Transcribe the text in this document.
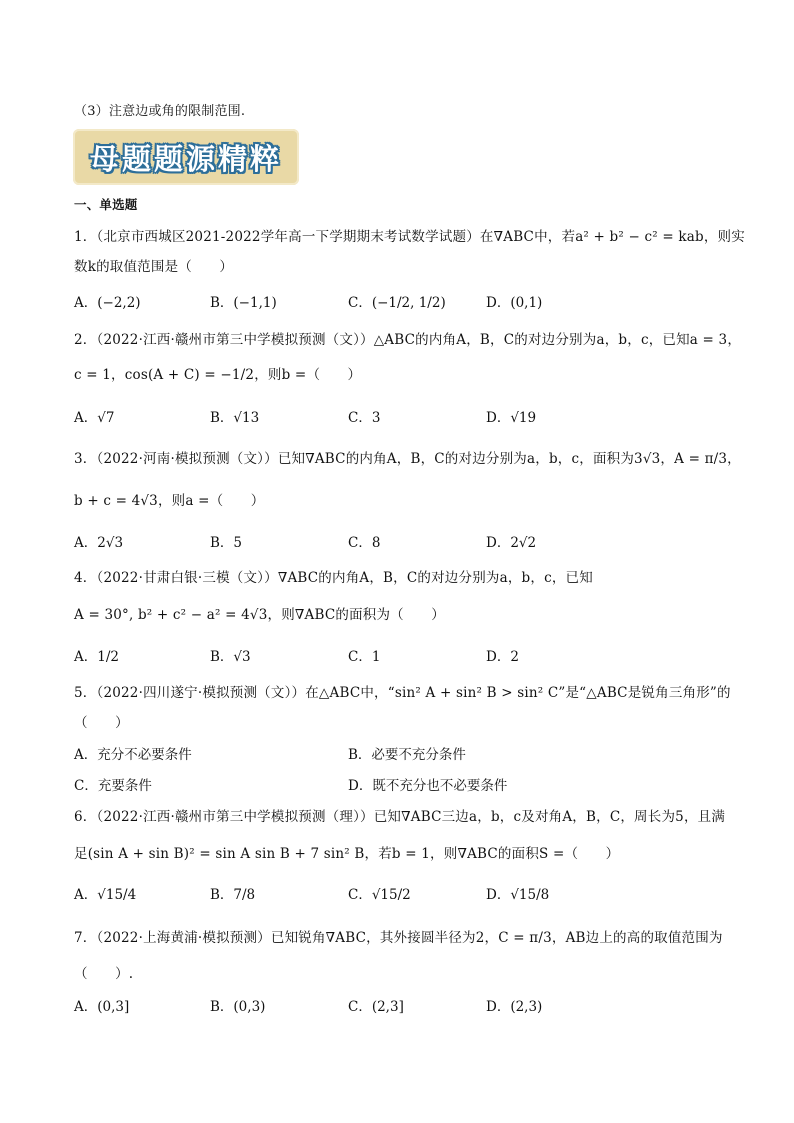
（3）注意边或角的限制范围.
母题题源精粹
一、单选题
1．（北京市西城区2021-2022学年高一下学期期末考试数学试题）在∇ABC中，若a² + b² − c² = kab，则实
数k的取值范围是（　　）
A．(−2,2)	B．(−1,1)	C．(−1/2, 1/2)	D．(0,1)
2．（2022·江西·赣州市第三中学模拟预测（文））△ABC的内角A，B，C的对边分别为a，b，c，已知a = 3，
c = 1，cos(A + C) = −1/2，则b =（　　）
A．√7	B．√13	C．3	D．√19
3．（2022·河南·模拟预测（文））已知∇ABC的内角A，B，C的对边分别为a，b，c，面积为3√3，A = π/3，
b + c = 4√3，则a =（　　）
A．2√3	B．5	C．8	D．2√2
4．（2022·甘肃白银·三模（文））∇ABC的内角A，B，C的对边分别为a，b，c，已知
A = 30°, b² + c² − a² = 4√3，则∇ABC的面积为（　　）
A．1/2	B．√3	C．1	D．2
5．（2022·四川遂宁·模拟预测（文））在△ABC中，“sin² A + sin² B > sin² C”是“△ABC是锐角三角形”的
（　　）
A．充分不必要条件	B．必要不充分条件
C．充要条件	D．既不充分也不必要条件
6．（2022·江西·赣州市第三中学模拟预测（理））已知∇ABC三边a，b，c及对角A，B，C，周长为5，且满
足(sin A + sin B)² = sin A sin B + 7 sin² B，若b = 1，则∇ABC的面积S =（　　）
A．√15/4	B．7/8	C．√15/2	D．√15/8
7．（2022·上海黄浦·模拟预测）已知锐角∇ABC，其外接圆半径为2，C = π/3，AB边上的高的取值范围为
（　　）.
A．(0,3]	B．(0,3)	C．(2,3]	D．(2,3)
